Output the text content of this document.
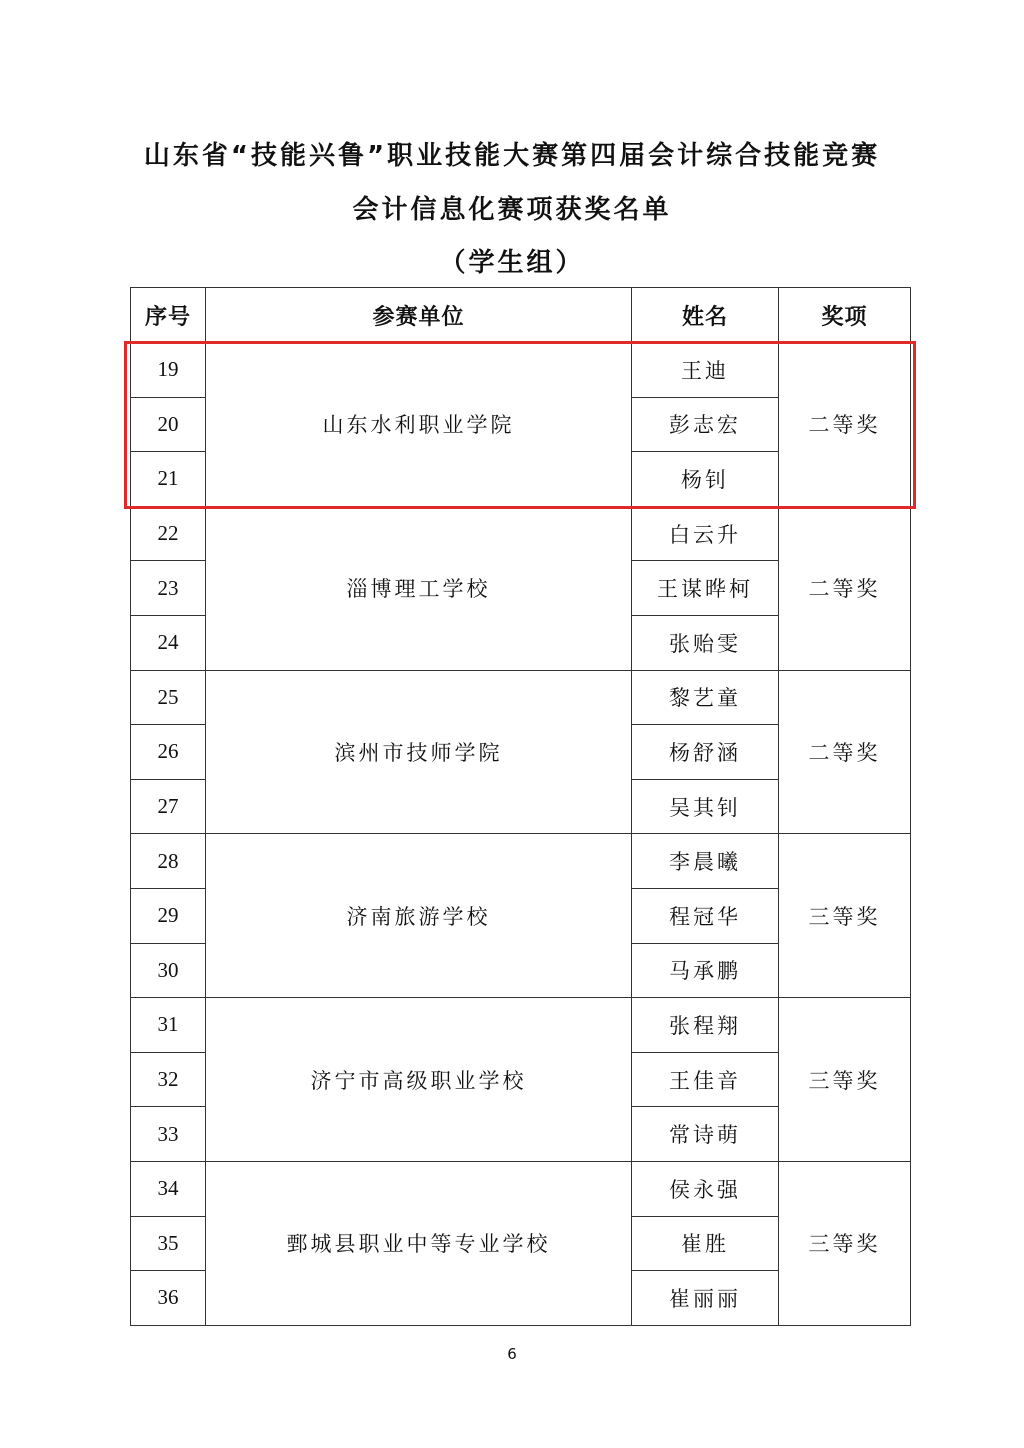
山东省“技能兴鲁”职业技能大赛第四届会计综合技能竞赛
会计信息化赛项获奖名单
（学生组）
序号	参赛单位	姓名	奖项
19	山东水利职业学院	王迪	二等奖
20		彭志宏	
21		杨钊	
22	淄博理工学校	白云升	二等奖
23		王谋晔柯	
24		张贻雯	
25	滨州市技师学院	黎艺童	二等奖
26		杨舒涵	
27		吴其钊	
28	济南旅游学校	李晨曦	三等奖
29		程冠华	
30		马承鹏	
31	济宁市高级职业学校	张程翔	三等奖
32		王佳音	
33		常诗萌	
34	鄄城县职业中等专业学校	侯永强	三等奖
35		崔胜	
36		崔丽丽	
6
